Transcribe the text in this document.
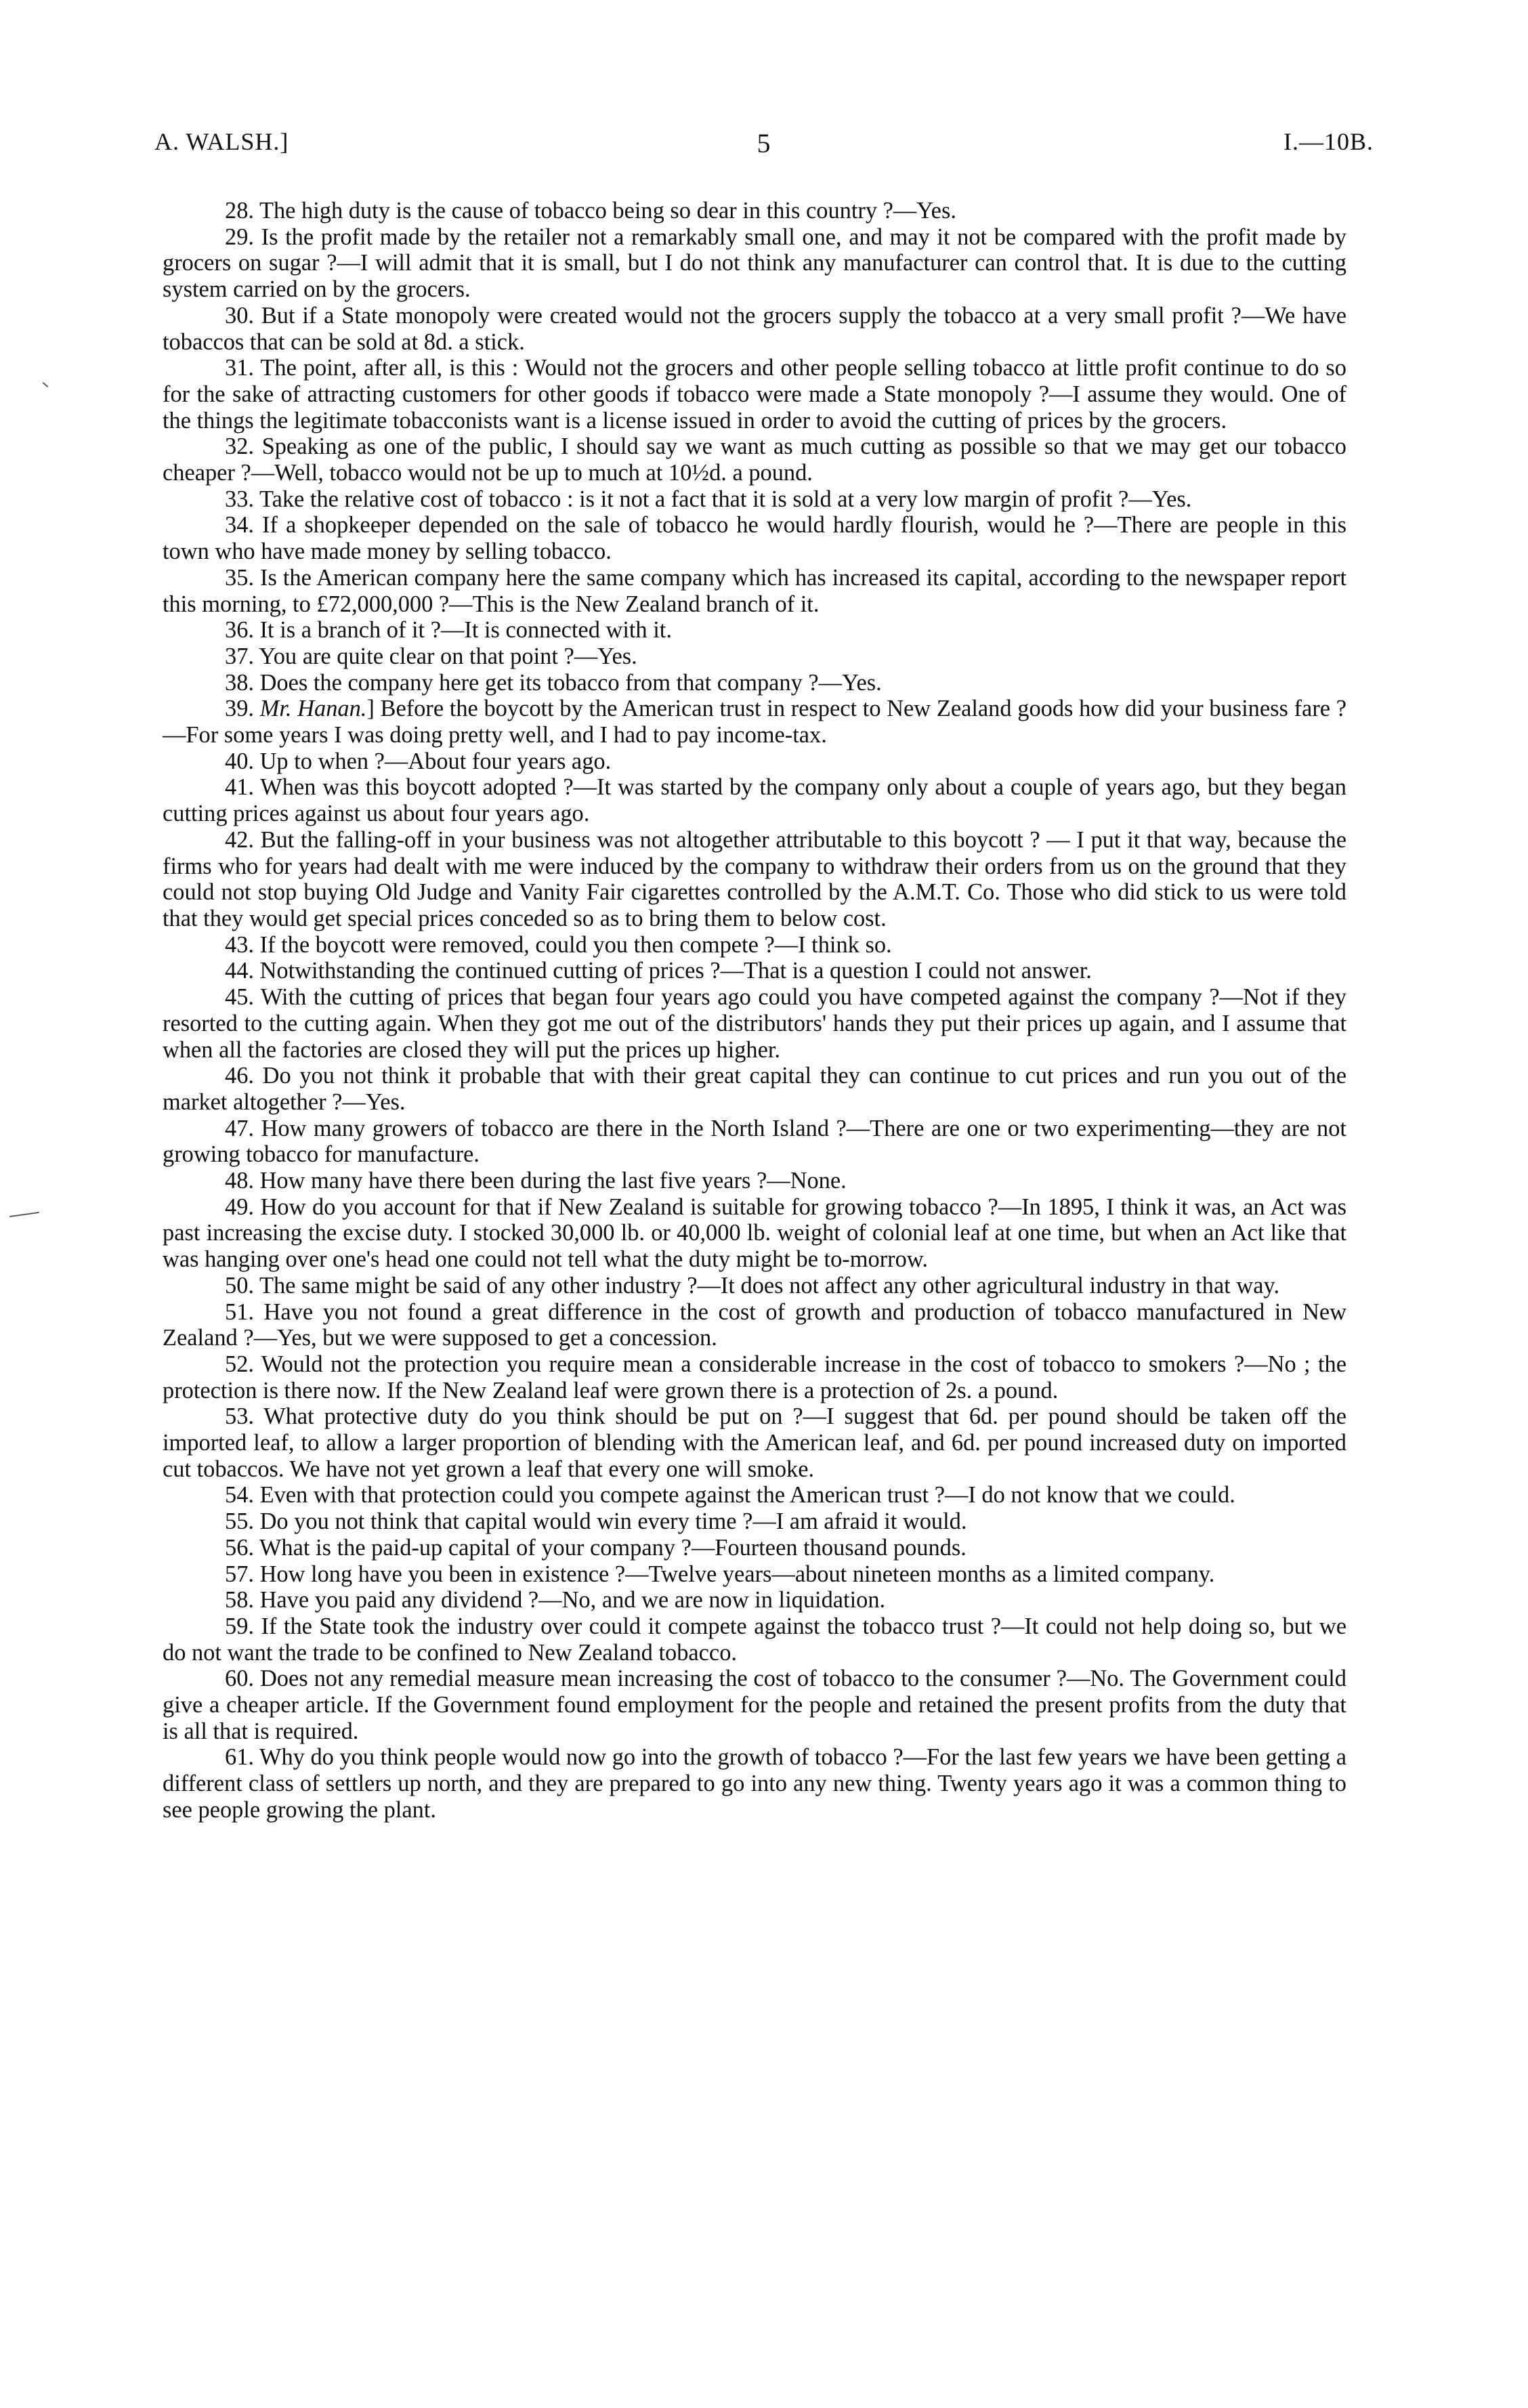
A. WALSH.]	5	I.—10B.

28. The high duty is the cause of tobacco being so dear in this country ?—Yes.

29. Is the profit made by the retailer not a remarkably small one, and may it not be compared with the profit made by grocers on sugar ?—I will admit that it is small, but I do not think any manufacturer can control that. It is due to the cutting system carried on by the grocers.

30. But if a State monopoly were created would not the grocers supply the tobacco at a very small profit ?—We have tobaccos that can be sold at 8d. a stick.

31. The point, after all, is this : Would not the grocers and other people selling tobacco at little profit continue to do so for the sake of attracting customers for other goods if tobacco were made a State monopoly ?—I assume they would. One of the things the legitimate tobacconists want is a license issued in order to avoid the cutting of prices by the grocers.

32. Speaking as one of the public, I should say we want as much cutting as possible so that we may get our tobacco cheaper ?—Well, tobacco would not be up to much at 10½d. a pound.

33. Take the relative cost of tobacco : is it not a fact that it is sold at a very low margin of profit ?—Yes.

34. If a shopkeeper depended on the sale of tobacco he would hardly flourish, would he ?—There are people in this town who have made money by selling tobacco.

35. Is the American company here the same company which has increased its capital, according to the newspaper report this morning, to £72,000,000 ?—This is the New Zealand branch of it.

36. It is a branch of it ?—It is connected with it.

37. You are quite clear on that point ?—Yes.

38. Does the company here get its tobacco from that company ?—Yes.

39. Mr. Hanan.] Before the boycott by the American trust in respect to New Zealand goods how did your business fare ?—For some years I was doing pretty well, and I had to pay income-tax.

40. Up to when ?—About four years ago.

41. When was this boycott adopted ?—It was started by the company only about a couple of years ago, but they began cutting prices against us about four years ago.

42. But the falling-off in your business was not altogether attributable to this boycott ? — I put it that way, because the firms who for years had dealt with me were induced by the company to withdraw their orders from us on the ground that they could not stop buying Old Judge and Vanity Fair cigarettes controlled by the A.M.T. Co. Those who did stick to us were told that they would get special prices conceded so as to bring them to below cost.

43. If the boycott were removed, could you then compete ?—I think so.

44. Notwithstanding the continued cutting of prices ?—That is a question I could not answer.

45. With the cutting of prices that began four years ago could you have competed against the company ?—Not if they resorted to the cutting again. When they got me out of the distributors' hands they put their prices up again, and I assume that when all the factories are closed they will put the prices up higher.

46. Do you not think it probable that with their great capital they can continue to cut prices and run you out of the market altogether ?—Yes.

47. How many growers of tobacco are there in the North Island ?—There are one or two experimenting—they are not growing tobacco for manufacture.

48. How many have there been during the last five years ?—None.

49. How do you account for that if New Zealand is suitable for growing tobacco ?—In 1895, I think it was, an Act was past increasing the excise duty. I stocked 30,000 lb. or 40,000 lb. weight of colonial leaf at one time, but when an Act like that was hanging over one's head one could not tell what the duty might be to-morrow.

50. The same might be said of any other industry ?—It does not affect any other agricultural industry in that way.

51. Have you not found a great difference in the cost of growth and production of tobacco manufactured in New Zealand ?—Yes, but we were supposed to get a concession.

52. Would not the protection you require mean a considerable increase in the cost of tobacco to smokers ?—No ; the protection is there now. If the New Zealand leaf were grown there is a protection of 2s. a pound.

53. What protective duty do you think should be put on ?—I suggest that 6d. per pound should be taken off the imported leaf, to allow a larger proportion of blending with the American leaf, and 6d. per pound increased duty on imported cut tobaccos. We have not yet grown a leaf that every one will smoke.

54. Even with that protection could you compete against the American trust ?—I do not know that we could.

55. Do you not think that capital would win every time ?—I am afraid it would.

56. What is the paid-up capital of your company ?—Fourteen thousand pounds.

57. How long have you been in existence ?—Twelve years—about nineteen months as a limited company.

58. Have you paid any dividend ?—No, and we are now in liquidation.

59. If the State took the industry over could it compete against the tobacco trust ?—It could not help doing so, but we do not want the trade to be confined to New Zealand tobacco.

60. Does not any remedial measure mean increasing the cost of tobacco to the consumer ?—No. The Government could give a cheaper article. If the Government found employment for the people and retained the present profits from the duty that is all that is required.

61. Why do you think people would now go into the growth of tobacco ?—For the last few years we have been getting a different class of settlers up north, and they are prepared to go into any new thing. Twenty years ago it was a common thing to see people growing the plant.
